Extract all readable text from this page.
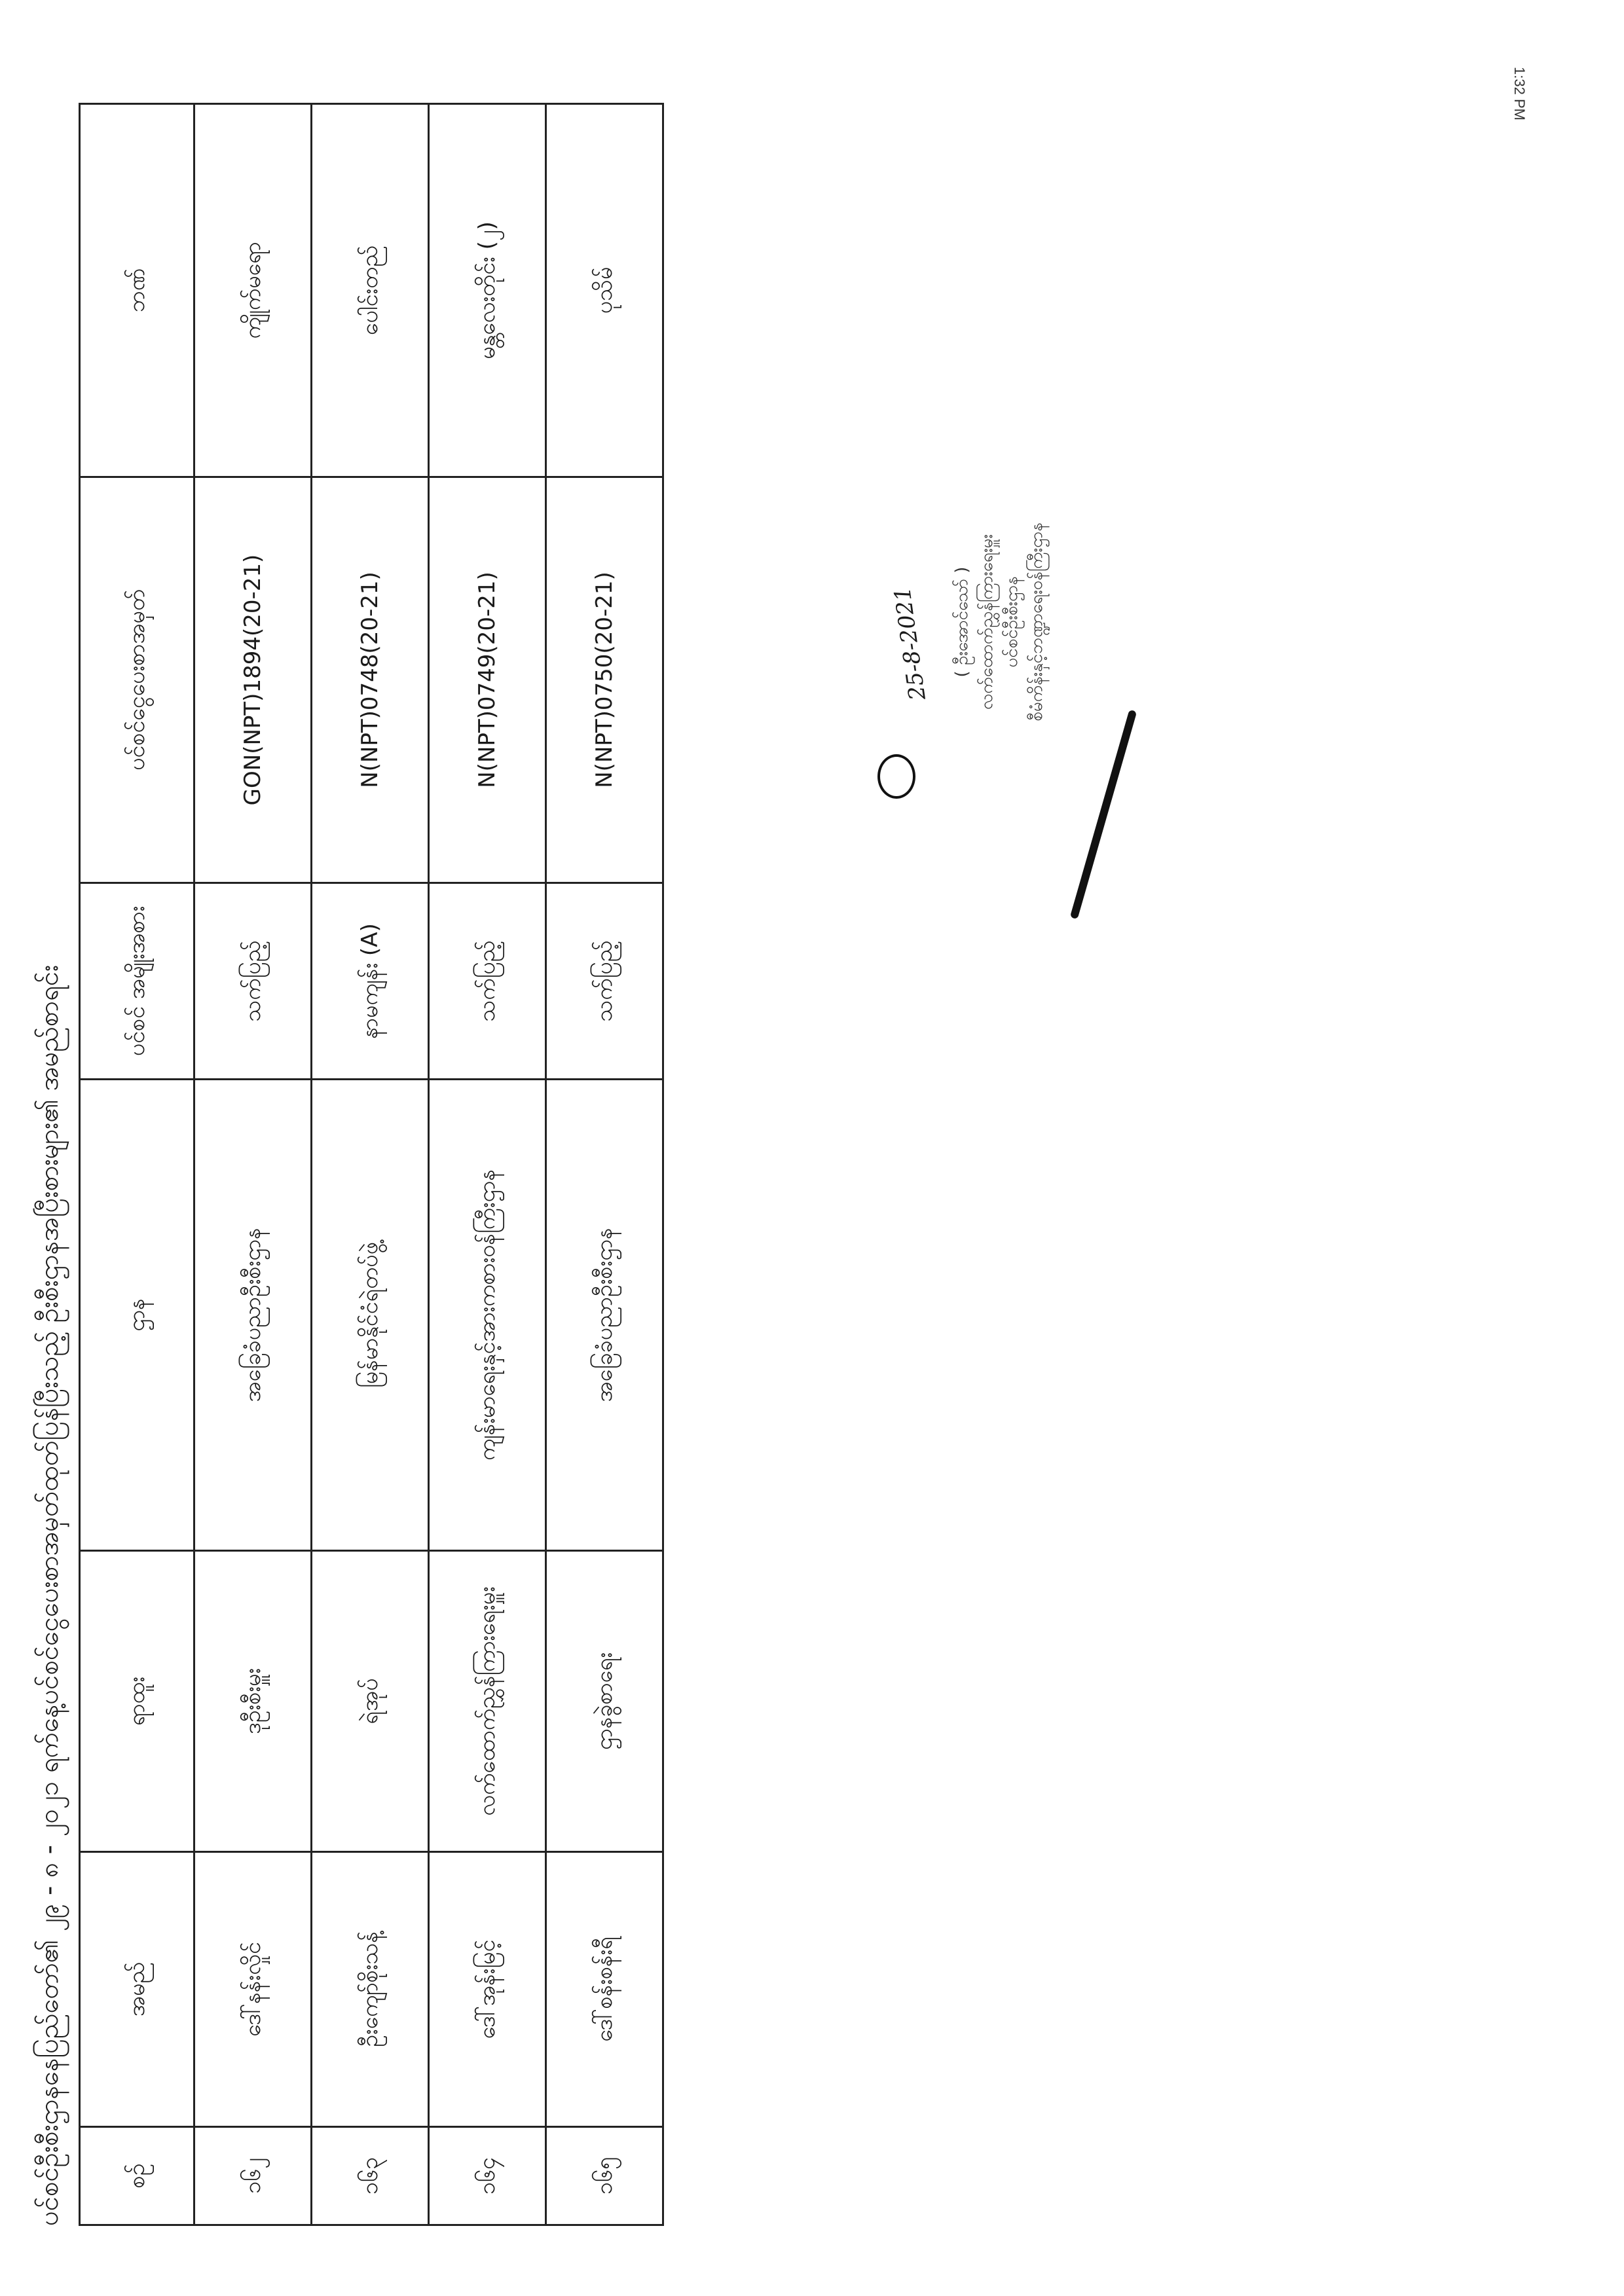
1:32 PM
ပင်စင်ဦးစီးဌာနနေပြည်တော်၏ ၂၉ - ၈ - ၂၀၂၁ ရက်နေ့ပင်စင်ငွေပေးစာအမှတ်ထုတ်ပြန်ပြီးသည့် ဦးစီးဌာနအပြီးစားများ၏ အမည်စာရင်း	စဉ်	အမည်	ရာထူး	ဌာန	ပင်စင် အမျိုးအစား	ပင်စင်ငွေပေးစာအမှတ်	ဘဏ်
၁၆၂	ဒေါ်နန်းလှိုင်	ဒုဦးစီးမှူး	အခြေခံပညာဦးစီးဌာန	သက်ပြည့်	GON(NPT)1894(20-21)	ကျိုက်မရော
၁၆၃	ဦးကျော်စိုးသန့်	ရဲအုပ်	မြန်မာနိုင်ငံရဲတပ်ဖွဲ့	နာမကျန်း (A)	N(NPT)0748(20-21)	ပေါင်းတည်
၁၆၄	ဒေါ်အုန်းမြင့်	လက်ထောက်ညွှန်ကြားရေးမှူး	ကျန်းမာရေးနှင့်အားကစားဝန်ကြီးဌာန	သက်ပြည့်	N(NPT)0749(20-21)	မန္တလေးတိုင်း (၂)
၁၆၅	ဒေါ်စန်းစန်းရီ	ဌာနခွဲစာရေး	အခြေခံပညာဦးစီးဌာန	သက်ပြည့်	N(NPT)0750(20-21)	ပုသိမ်
25-8-2021 ( ဦးအောင်သော် ) လက်ထောက်ညွှန်ကြားရေးမှူး ပင်စင်ဦးစီးဌာန စီမံကိန်းနှင့်ဘဏ္ဍာရေးဝန်ကြီးဌာန
